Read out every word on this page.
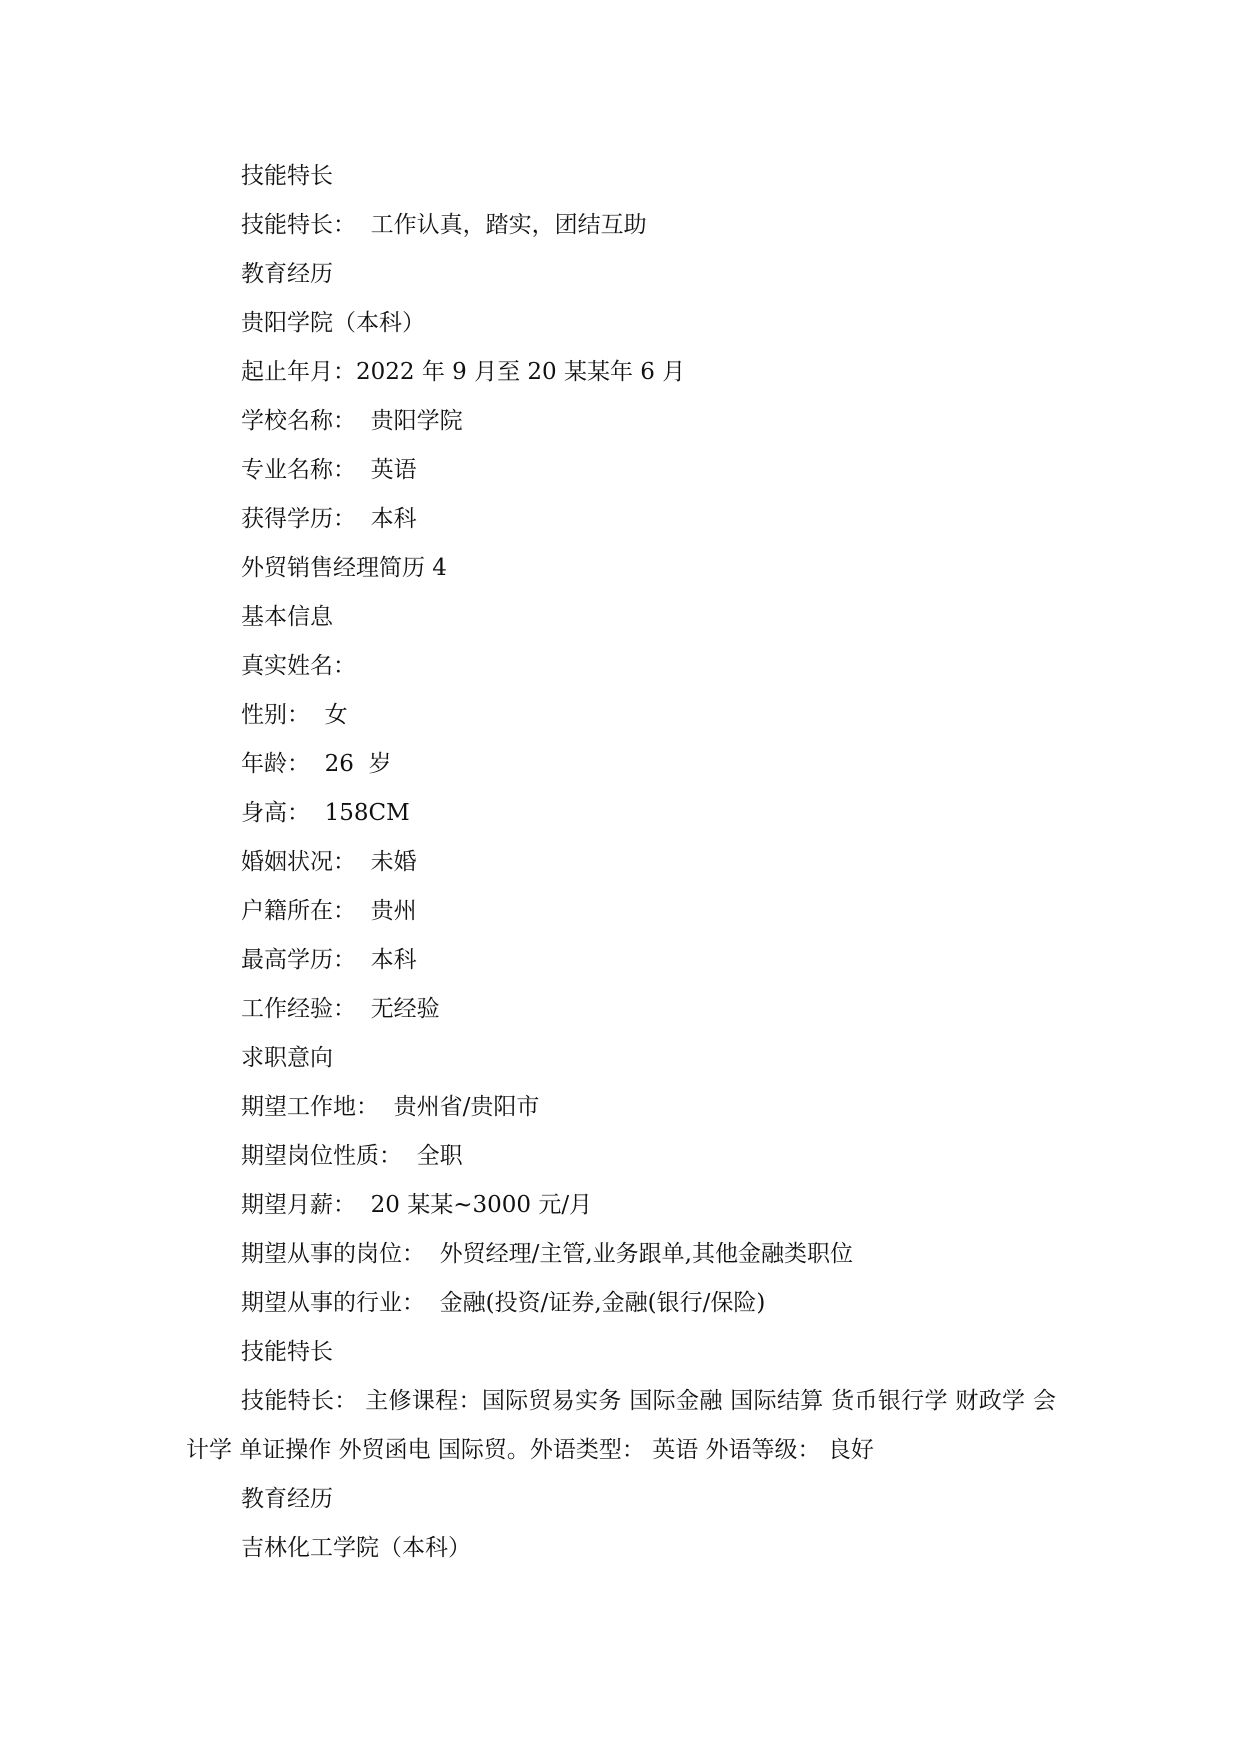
技能特长
技能特长：  工作认真，踏实，团结互助
教育经历
贵阳学院（本科）
起止年月：2022 年 9 月至 20 某某年 6 月
学校名称：  贵阳学院
专业名称：  英语
获得学历：  本科
外贸销售经理简历 4
基本信息
真实姓名：
性别：  女
年龄：  26  岁
身高：  158CM
婚姻状况：  未婚
户籍所在：  贵州
最高学历：  本科
工作经验：  无经验
求职意向
期望工作地：  贵州省/贵阳市
期望岗位性质：  全职
期望月薪：  20 某某~3000 元/月
期望从事的岗位：  外贸经理/主管,业务跟单,其他金融类职位
期望从事的行业：  金融(投资/证券,金融(银行/保险)
技能特长
技能特长： 主修课程：国际贸易实务 国际金融 国际结算 货币银行学 财政学 会计学 单证操作 外贸函电 国际贸。外语类型： 英语 外语等级： 良好
教育经历
吉林化工学院（本科）
